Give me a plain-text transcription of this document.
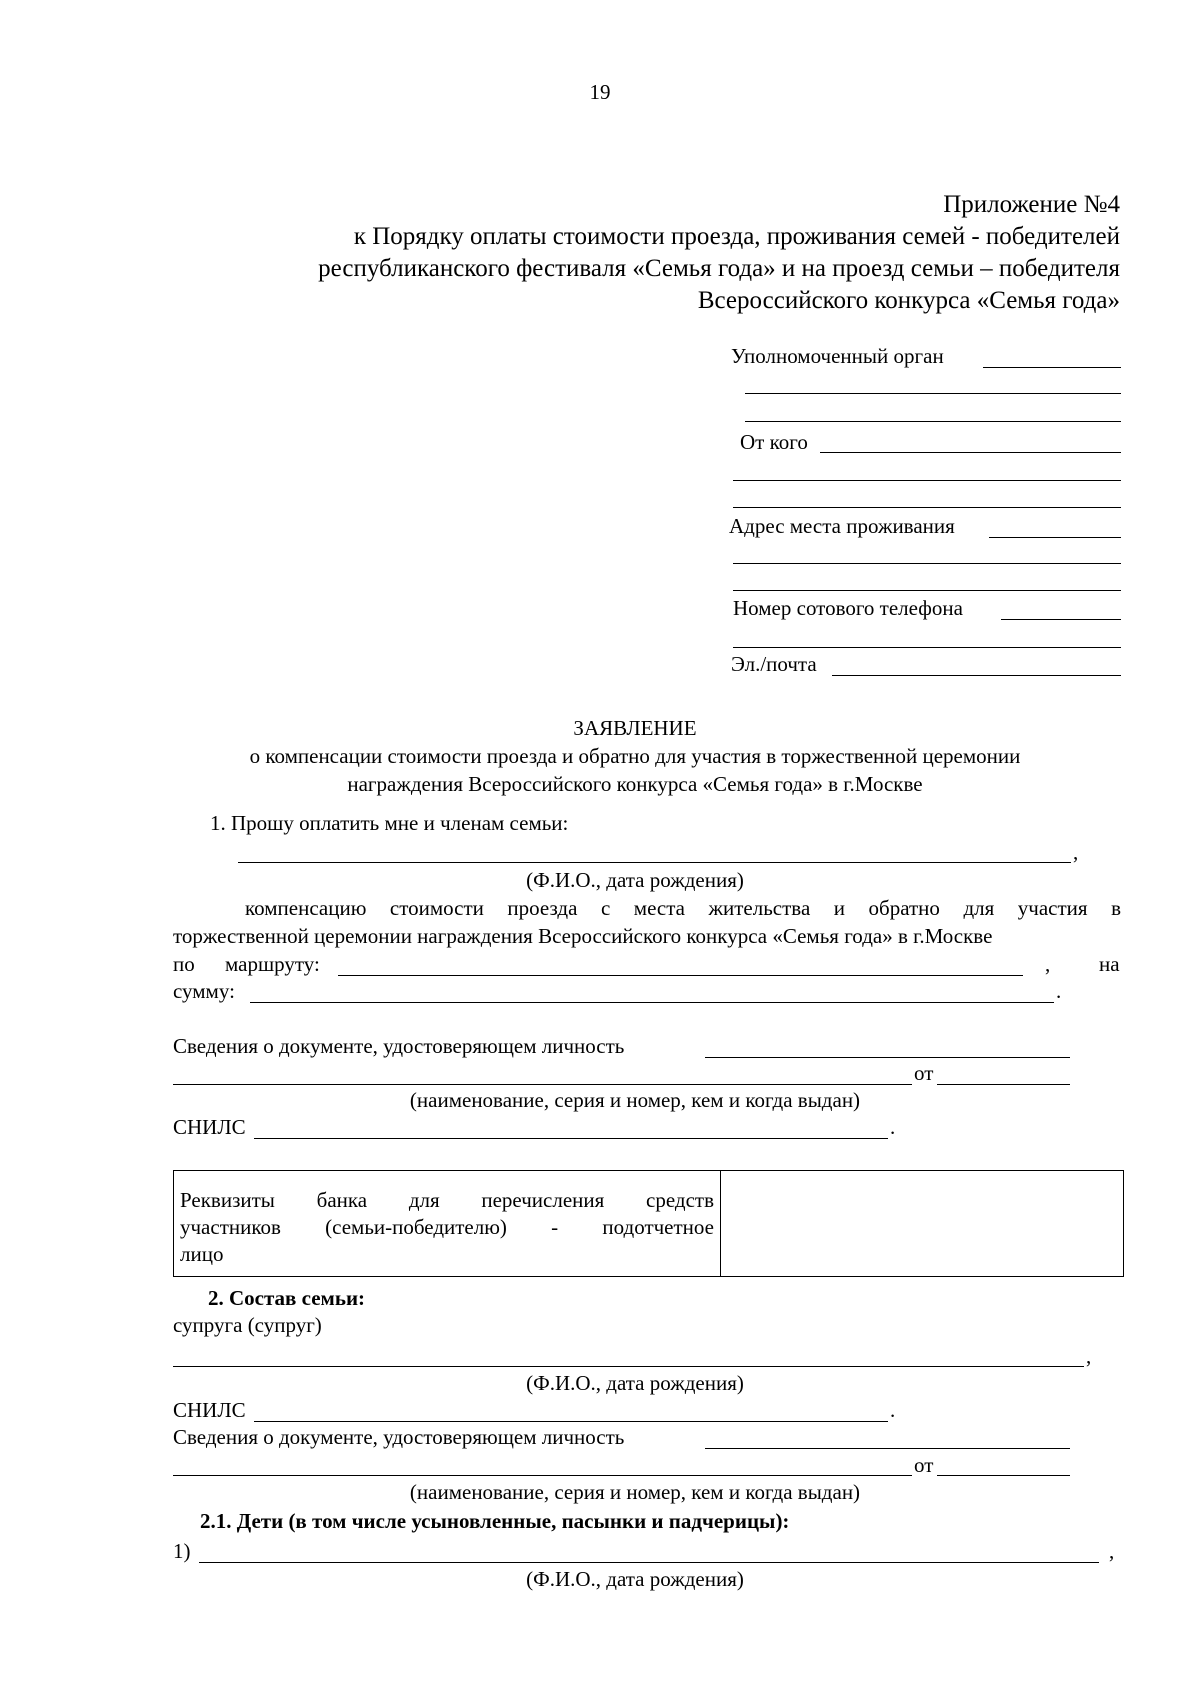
19
Приложение №4
к Порядку оплаты стоимости проезда, проживания семей - победителей
республиканского фестиваля «Семья года» и на проезд семьи – победителя
Всероссийского конкурса «Семья года»
Уполномоченный орган
От кого
Адрес места проживания
Номер сотового телефона
Эл./почта
ЗАЯВЛЕНИЕ
о компенсации стоимости проезда и обратно для участия в торжественной церемонии
награждения Всероссийского конкурса «Семья года» в г.Москве
1. Прошу оплатить мне и членам семьи:
,
(Ф.И.О., дата рождения)
компенсацию стоимости проезда с места жительства и обратно для участия в
торжественной церемонии награждения Всероссийского конкурса «Семья года» в г.Москве
по маршруту:	, на
сумму:	.
Сведения о документе, удостоверяющем личность
от
(наименование, серия и номер, кем и когда выдан)
СНИЛС	.
Реквизиты банка для перечисления средств
участников (семьи-победителю) - подотчетное
лицо
2. Состав семьи:
супруга (супруг)
,
(Ф.И.О., дата рождения)
СНИЛС	.
Сведения о документе, удостоверяющем личность
от
(наименование, серия и номер, кем и когда выдан)
2.1. Дети (в том числе усыновленные, пасынки и падчерицы):
1)	,
(Ф.И.О., дата рождения)
